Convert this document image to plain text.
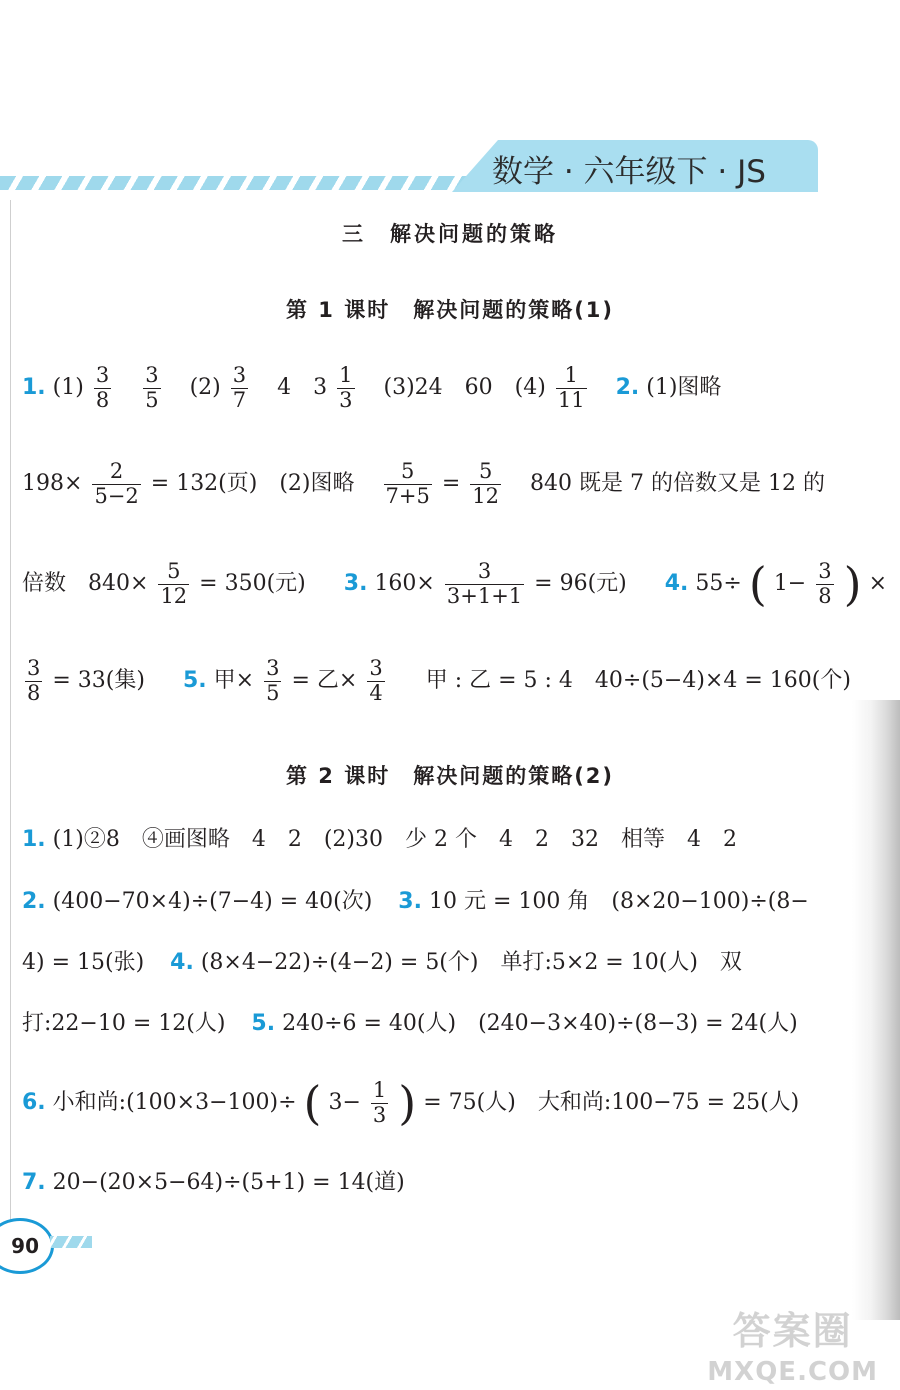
数学 · 六年级下 · JS
三　解决问题的策略
第 1 课时　解决问题的策略(1)
1. $(1) \frac{3}{8}$
$\frac{3}{5} (2) \frac{3}{7} 4$　$3 \frac{1}{3} (3)24$　60　$(4) \frac{1}{11} 2$. (1)图略
$198\times \frac{2}{5-2} = 132$(页)　(2)图略 $\frac{5}{7+5} = \frac{5}{12} 840$ 既是 7 的倍数又是 12 的
倍数　$840\times \frac{5}{12} = 350$(元) 3. $160\times \frac{3}{3+1+1} = 96$(元) 4. 55÷ ( $1- \frac{3}{8}$ ) ×
$\frac{3}{8} = 33$(集) 5. 甲× $\frac{3}{5}$ = 乙× $\frac{3}{4}$ 甲 : 乙 = 5 : 4　40÷(5−4)×4 = 160(个)
第 2 课时　解决问题的策略(2)
1. (1)②8　④画图略　4　2　(2)30　少 2 个　4　2　32　相等　4　2
2. (400−70×4)÷(7−4) = 40(次) 3. 10 元 = 100 角　(8×20−100)÷(8−
4) = 15(张) 4. (8×4−22)÷(4−2) = 5(个)　单打:5×2 = 10(人)　双
打:22−10 = 12(人) 5. 240÷6 = 40(人)　(240−3×40)÷(8−3) = 24(人)
6. 小和尚:(100×3−100)÷ ( $3- \frac{1}{3}$ ) = 75(人)　大和尚:100−75 = 25(人)
7. 20−(20×5−64)÷(5+1) = 14(道)
90
答案圈
MXQE.COM
